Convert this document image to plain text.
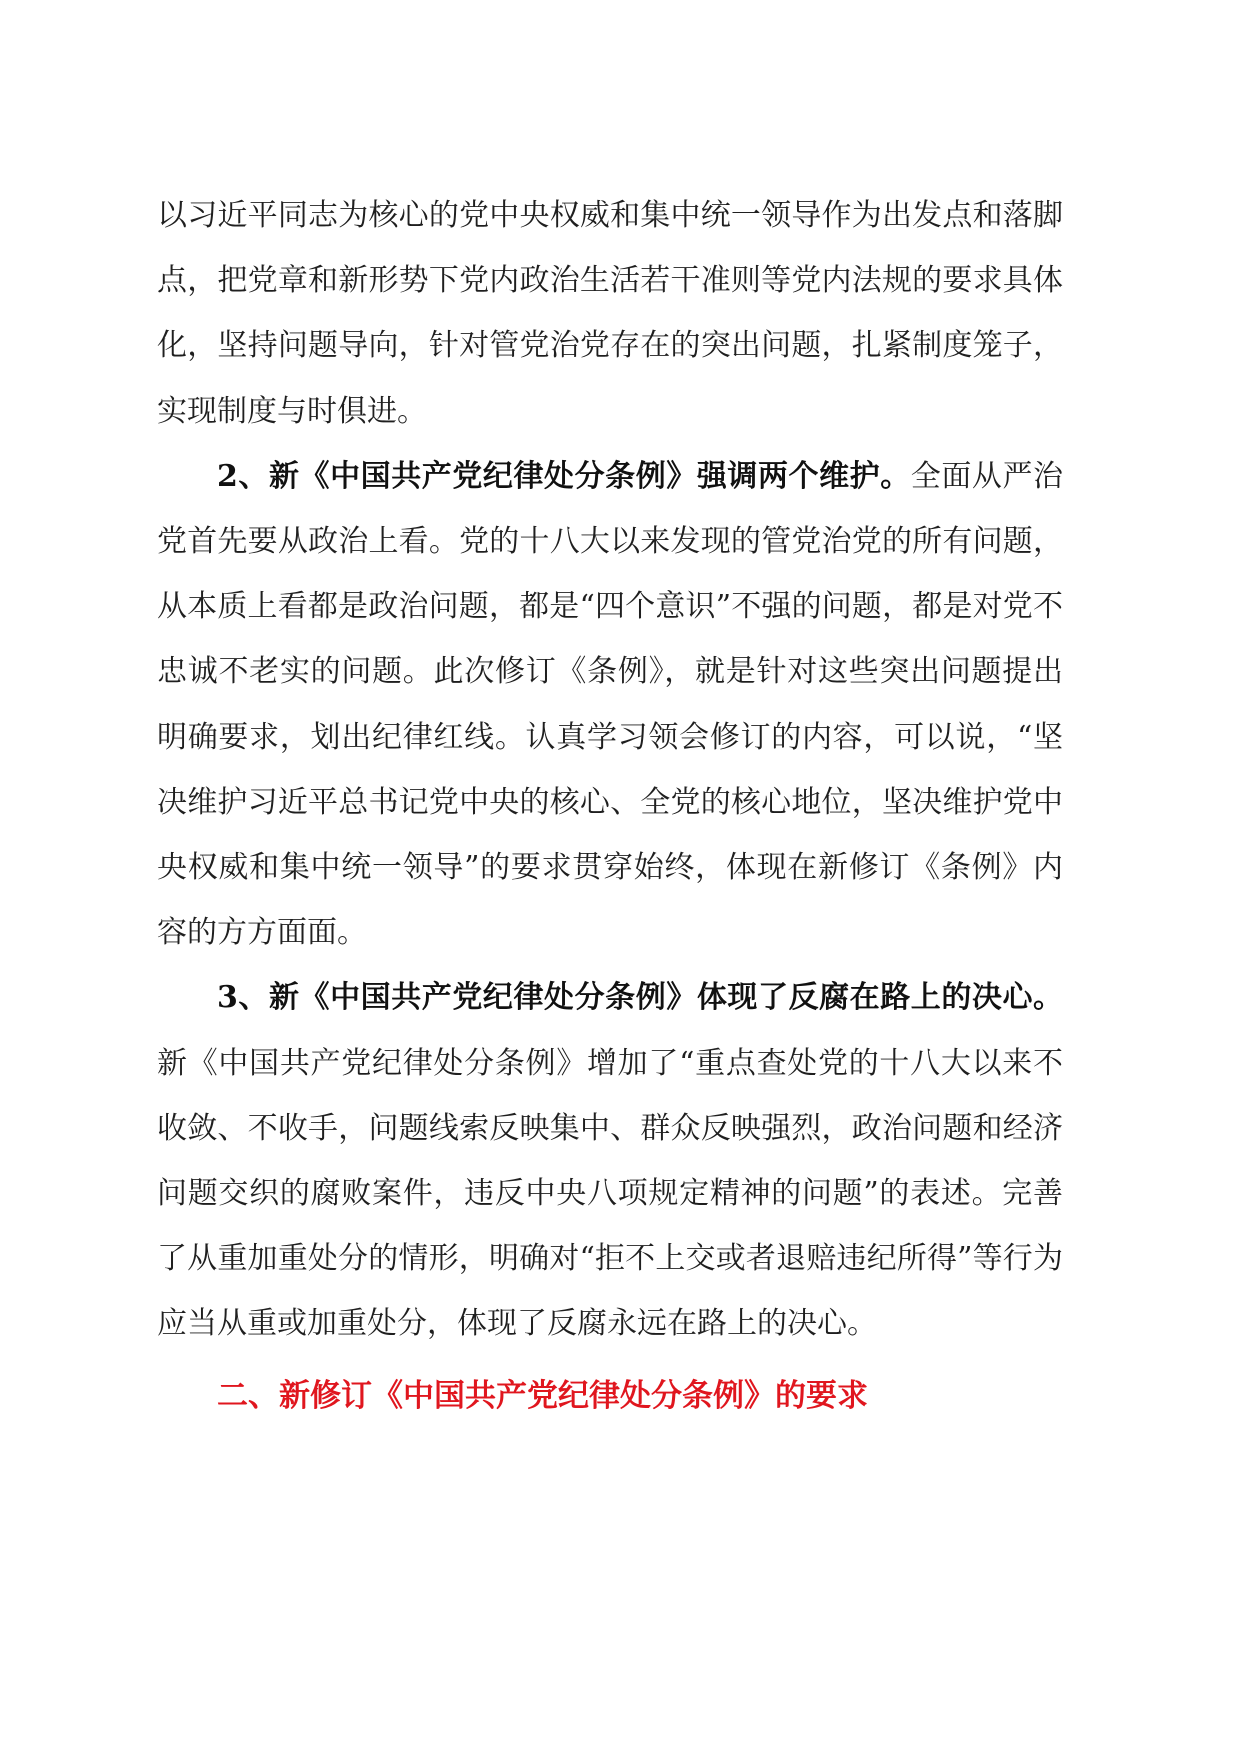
以习近平同志为核心的党中央权威和集中统一领导作为出发点和落脚点，把党章和新形势下党内政治生活若干准则等党内法规的要求具体化，坚持问题导向，针对管党治党存在的突出问题，扎紧制度笼子，实现制度与时俱进。

2、新《中国共产党纪律处分条例》强调两个维护。全面从严治党首先要从政治上看。党的十八大以来发现的管党治党的所有问题，从本质上看都是政治问题，都是“四个意识”不强的问题，都是对党不忠诚不老实的问题。此次修订《条例》，就是针对这些突出问题提出明确要求，划出纪律红线。认真学习领会修订的内容，可以说，“坚决维护习近平总书记党中央的核心、全党的核心地位，坚决维护党中央权威和集中统一领导”的要求贯穿始终，体现在新修订《条例》内容的方方面面。

3、新《中国共产党纪律处分条例》体现了反腐在路上的决心。新《中国共产党纪律处分条例》增加了“重点查处党的十八大以来不收敛、不收手，问题线索反映集中、群众反映强烈，政治问题和经济问题交织的腐败案件，违反中央八项规定精神的问题”的表述。完善了从重加重处分的情形，明确对“拒不上交或者退赔违纪所得”等行为应当从重或加重处分，体现了反腐永远在路上的决心。

二、新修订《中国共产党纪律处分条例》的要求
